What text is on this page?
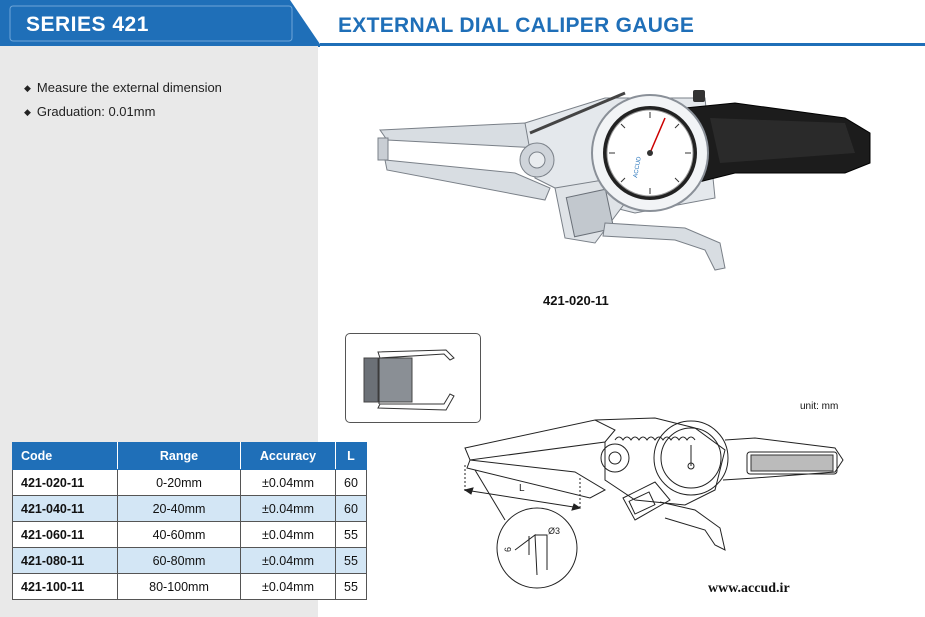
SERIES 421	EXTERNAL DIAL CALIPER GAUGE
◆ Measure the external dimension
◆ Graduation: 0.01mm
ACCUD
421-020-11
unit: mm
L
Ø3
6
Code	Range	Accuracy	L
421-020-11	0-20mm	±0.04mm	60
421-040-11	20-40mm	±0.04mm	60
421-060-11	40-60mm	±0.04mm	55
421-080-11	60-80mm	±0.04mm	55
421-100-11	80-100mm	±0.04mm	55	www.accud.ir
